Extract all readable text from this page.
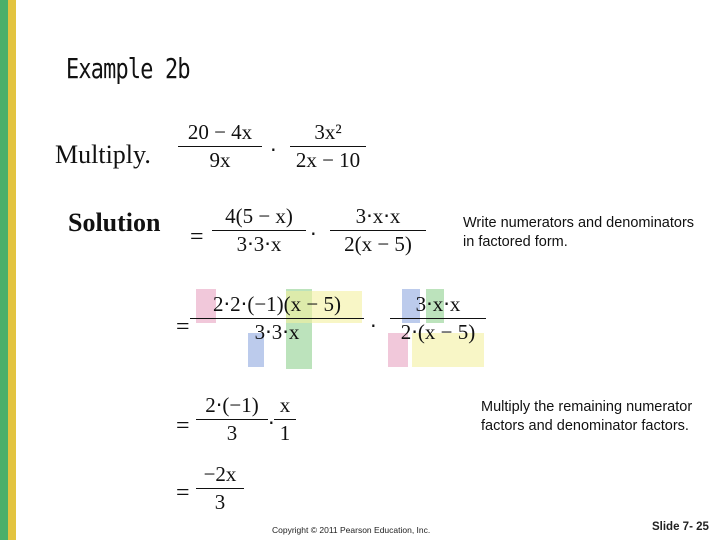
Example 2b
Multiply.
Solution
20 − 4x
9x	⋅
3x²
2x − 10
=
4(5 − x)
3⋅3⋅x	⋅
3⋅x⋅x
2(x − 5)
Write numerators and denominators in factored form.
=
2⋅2⋅(−1)(x − 5)
3⋅3⋅x	⋅
3⋅x⋅x
2⋅(x − 5)
=
2⋅(−1)
3	⋅
x
1
Multiply the remaining numerator factors and denominator factors.
=
−2x
3
Copyright © 2011 Pearson Education, Inc.	Slide 7- 25
